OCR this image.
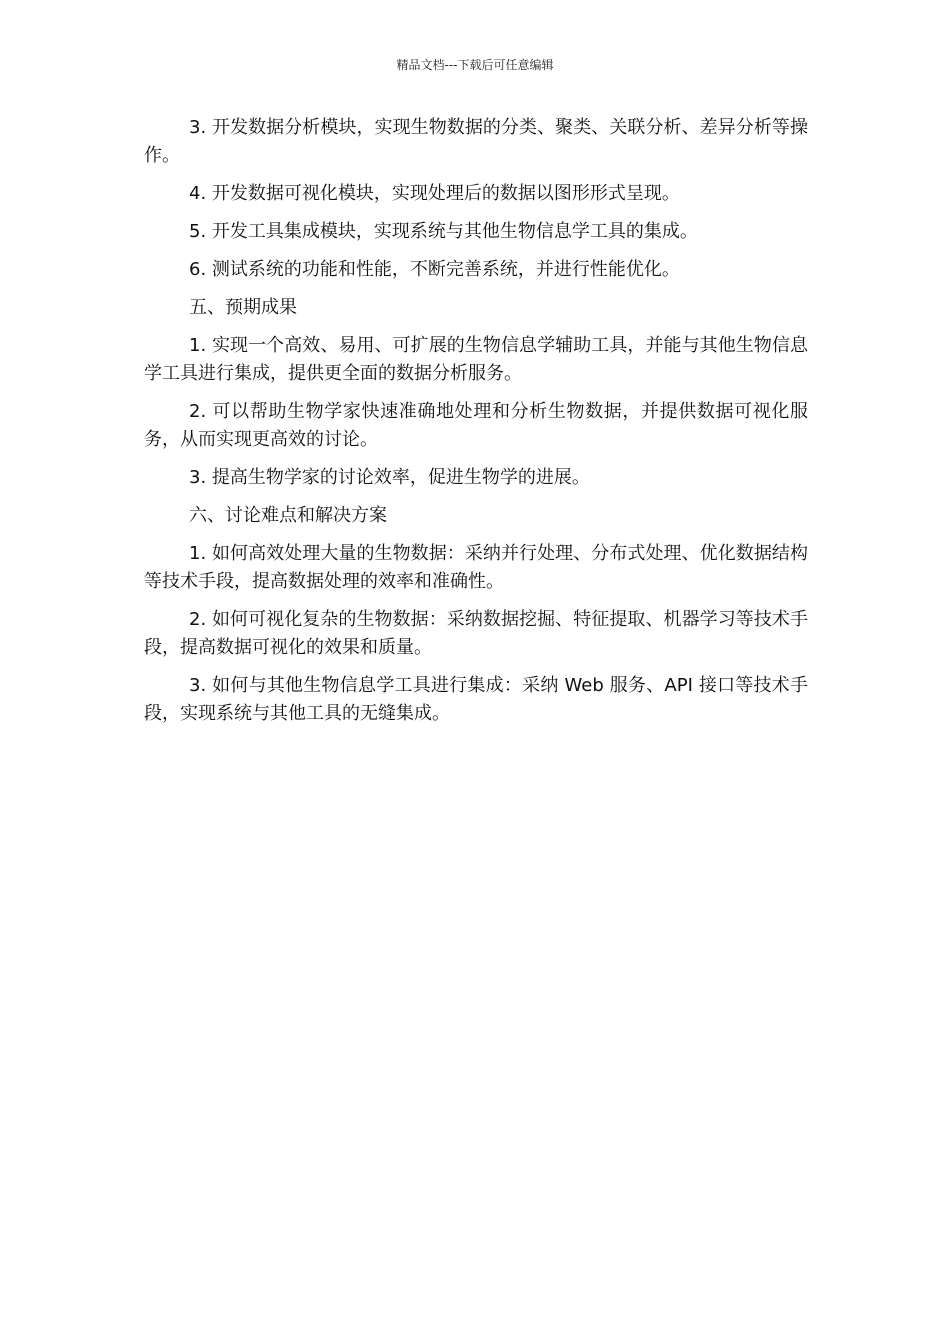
精品文档---下载后可任意编辑

3. 开发数据分析模块，实现生物数据的分类、聚类、关联分析、差异分析等操作。

4. 开发数据可视化模块，实现处理后的数据以图形形式呈现。

5. 开发工具集成模块，实现系统与其他生物信息学工具的集成。

6. 测试系统的功能和性能，不断完善系统，并进行性能优化。

五、预期成果

1. 实现一个高效、易用、可扩展的生物信息学辅助工具，并能与其他生物信息学工具进行集成，提供更全面的数据分析服务。

2. 可以帮助生物学家快速准确地处理和分析生物数据，并提供数据可视化服务，从而实现更高效的讨论。

3. 提高生物学家的讨论效率，促进生物学的进展。

六、讨论难点和解决方案

1. 如何高效处理大量的生物数据：采纳并行处理、分布式处理、优化数据结构等技术手段，提高数据处理的效率和准确性。

2. 如何可视化复杂的生物数据：采纳数据挖掘、特征提取、机器学习等技术手段，提高数据可视化的效果和质量。

3. 如何与其他生物信息学工具进行集成：采纳 Web 服务、API 接口等技术手段，实现系统与其他工具的无缝集成。
